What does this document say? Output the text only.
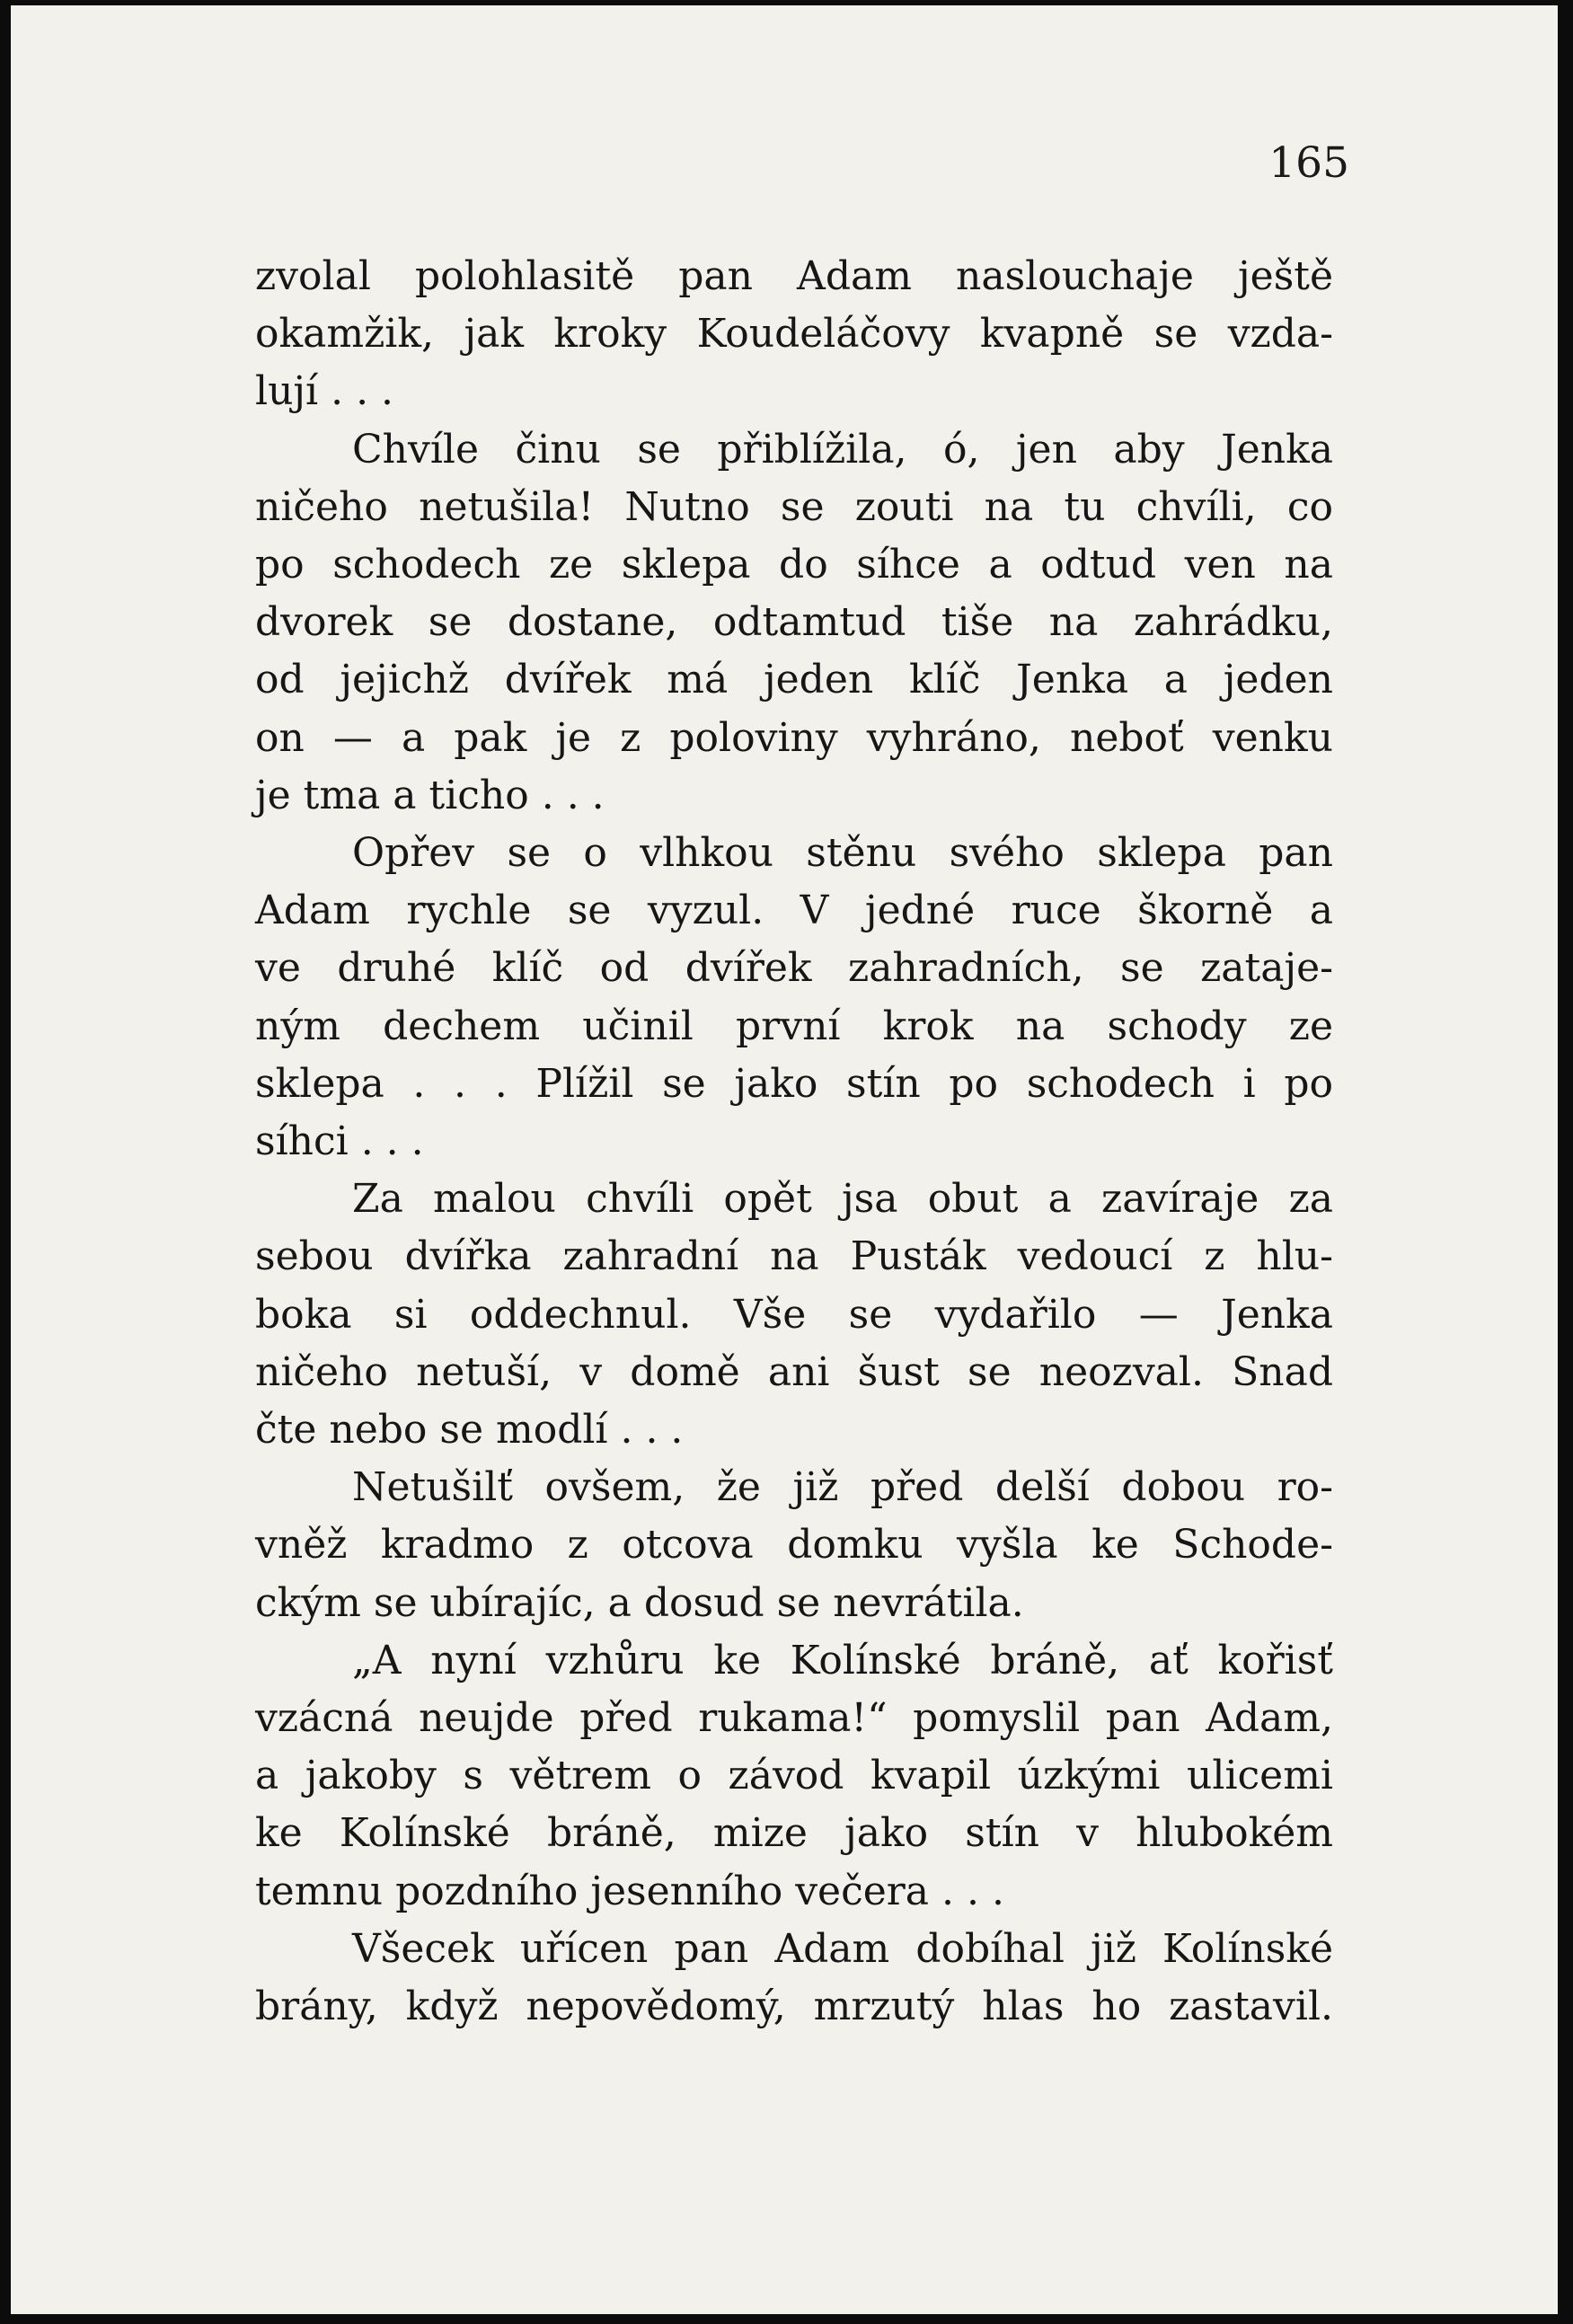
165
zvolal polohlasitě pan Adam naslouchaje ještě
okamžik, jak kroky Koudeláčovy kvapně se vzda-
lují . . .
Chvíle činu se přiblížila, ó, jen aby Jenka
ničeho netušila! Nutno se zouti na tu chvíli, co
po schodech ze sklepa do síhce a odtud ven na
dvorek se dostane, odtamtud tiše na zahrádku,
od jejichž dvířek má jeden klíč Jenka a jeden
on — a pak je z poloviny vyhráno, neboť venku
je tma a ticho . . .
Opřev se o vlhkou stěnu svého sklepa pan
Adam rychle se vyzul. V jedné ruce škorně a
ve druhé klíč od dvířek zahradních, se zataje-
ným dechem učinil první krok na schody ze
sklepa . . . Plížil se jako stín po schodech i po
síhci . . .
Za malou chvíli opět jsa obut a zavíraje za
sebou dvířka zahradní na Pusták vedoucí z hlu-
boka si oddechnul. Vše se vydařilo — Jenka
ničeho netuší, v domě ani šust se neozval. Snad
čte nebo se modlí . . .
Netušilť ovšem, že již před delší dobou ro-
vněž kradmo z otcova domku vyšla ke Schode-
ckým se ubírajíc, a dosud se nevrátila.
„A nyní vzhůru ke Kolínské bráně, ať kořisť
vzácná neujde před rukama!“ pomyslil pan Adam,
a jakoby s větrem o závod kvapil úzkými ulicemi
ke Kolínské bráně, mize jako stín v hlubokém
temnu pozdního jesenního večera . . .
Všecek uřícen pan Adam dobíhal již Kolínské
brány, když nepovědomý, mrzutý hlas ho zastavil.
